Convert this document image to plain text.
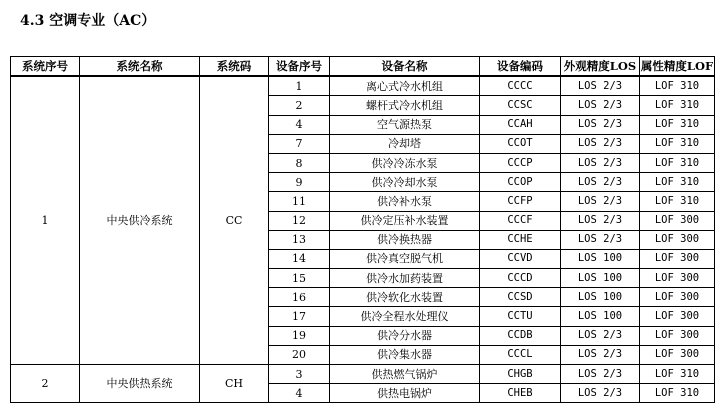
4.3 空调专业（AC）
系统序号	系统名称	系统码	设备序号	设备名称	设备编码	外观精度LOS	属性精度LOF
1	中央供冷系统	CC	1	离心式冷水机组	CCCC	LOS 2/3	LOF 310
			2	螺杆式冷水机组	CCSC	LOS 2/3	LOF 310
			4	空气源热泵	CCAH	LOS 2/3	LOF 310
			7	冷却塔	CCOT	LOS 2/3	LOF 310
			8	供冷冷冻水泵	CCCP	LOS 2/3	LOF 310
			9	供冷冷却水泵	CCOP	LOS 2/3	LOF 310
			11	供冷补水泵	CCFP	LOS 2/3	LOF 310
			12	供冷定压补水装置	CCCF	LOS 2/3	LOF 300
			13	供冷换热器	CCHE	LOS 2/3	LOF 300
			14	供冷真空脱气机	CCVD	LOS 100	LOF 300
			15	供冷水加药装置	CCCD	LOS 100	LOF 300
			16	供冷软化水装置	CCSD	LOS 100	LOF 300
			17	供冷全程水处理仪	CCTU	LOS 100	LOF 300
			19	供冷分水器	CCDB	LOS 2/3	LOF 300
			20	供冷集水器	CCCL	LOS 2/3	LOF 300
2	中央供热系统	CH	3	供热燃气锅炉	CHGB	LOS 2/3	LOF 310
			4	供热电锅炉	CHEB	LOS 2/3	LOF 310
